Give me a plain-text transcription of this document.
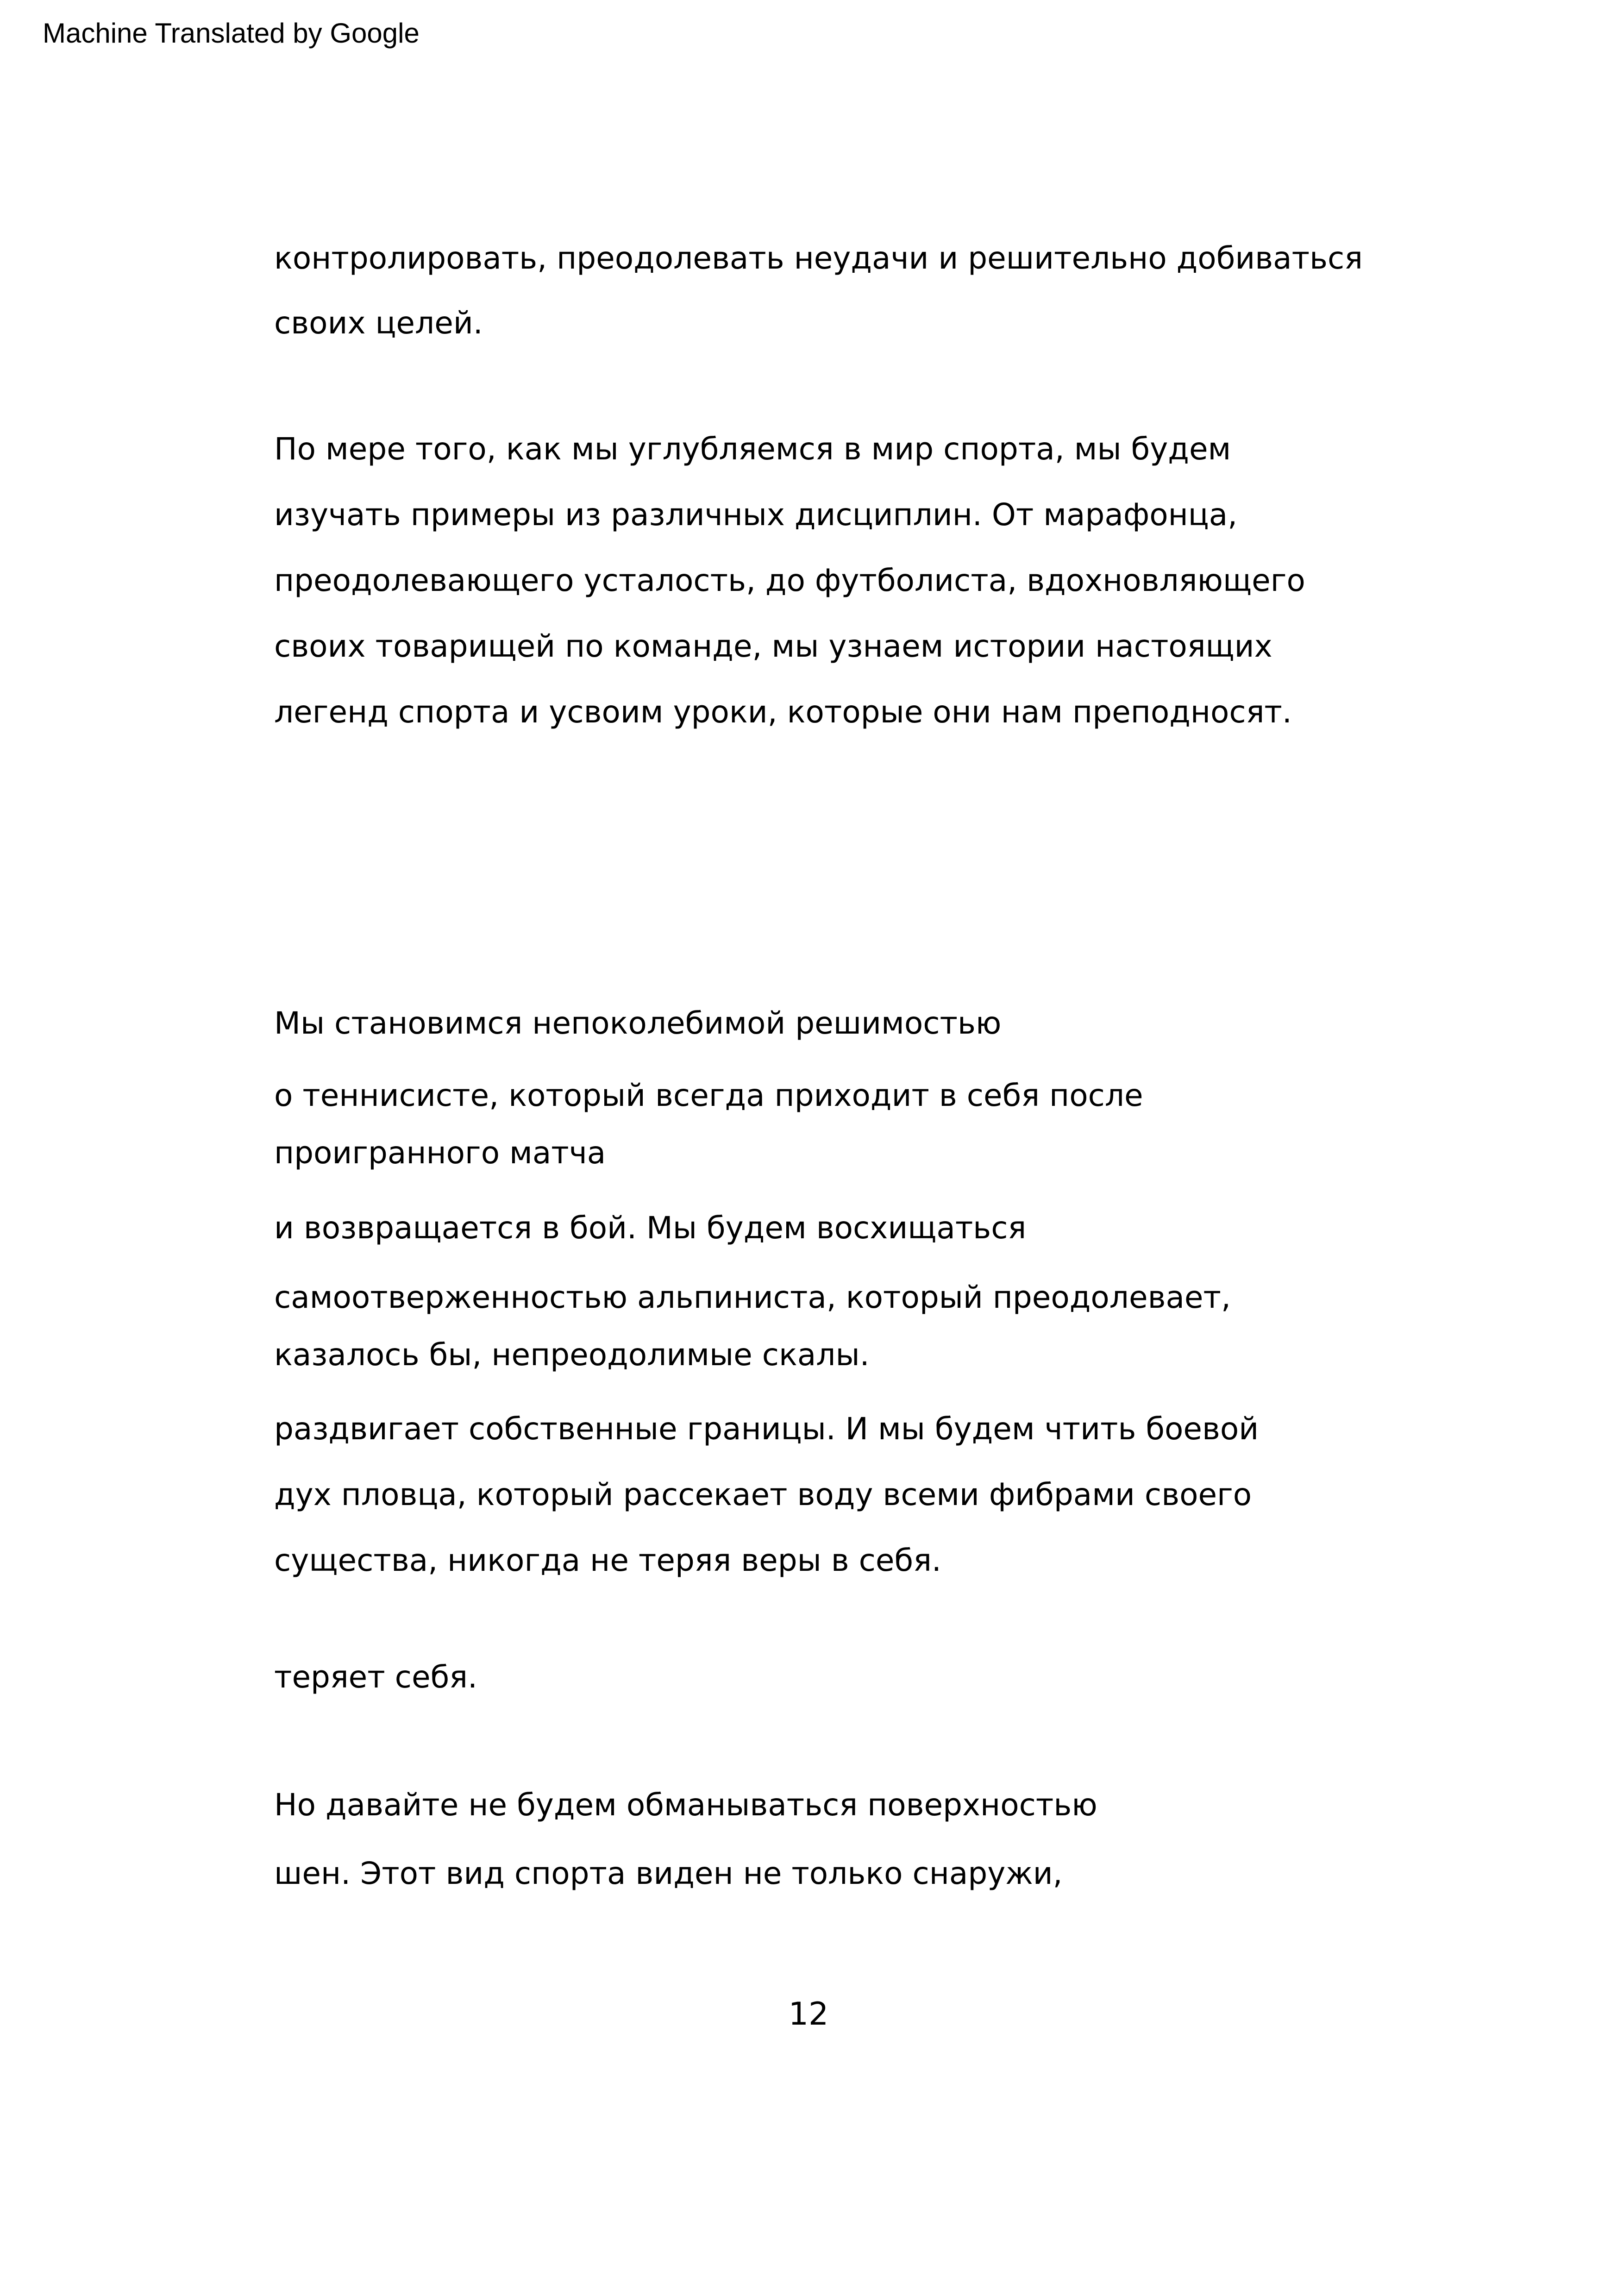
Machine Translated by Google
контролировать, преодолевать неудачи и решительно добиваться
своих целей.
По мере того, как мы углубляемся в мир спорта, мы будем
изучать примеры из различных дисциплин. От марафонца,
преодолевающего усталость, до футболиста, вдохновляющего
своих товарищей по команде, мы узнаем истории настоящих
легенд спорта и усвоим уроки, которые они нам преподносят.
Мы становимся непоколебимой решимостью
о теннисисте, который всегда приходит в себя после
проигранного матча
и возвращается в бой. Мы будем восхищаться
самоотверженностью альпиниста, который преодолевает,
казалось бы, непреодолимые скалы.
раздвигает собственные границы. И мы будем чтить боевой
дух пловца, который рассекает воду всеми фибрами своего
существа, никогда не теряя веры в себя.
теряет себя.
Но давайте не будем обманываться поверхностью
шен. Этот вид спорта виден не только снаружи,
12
